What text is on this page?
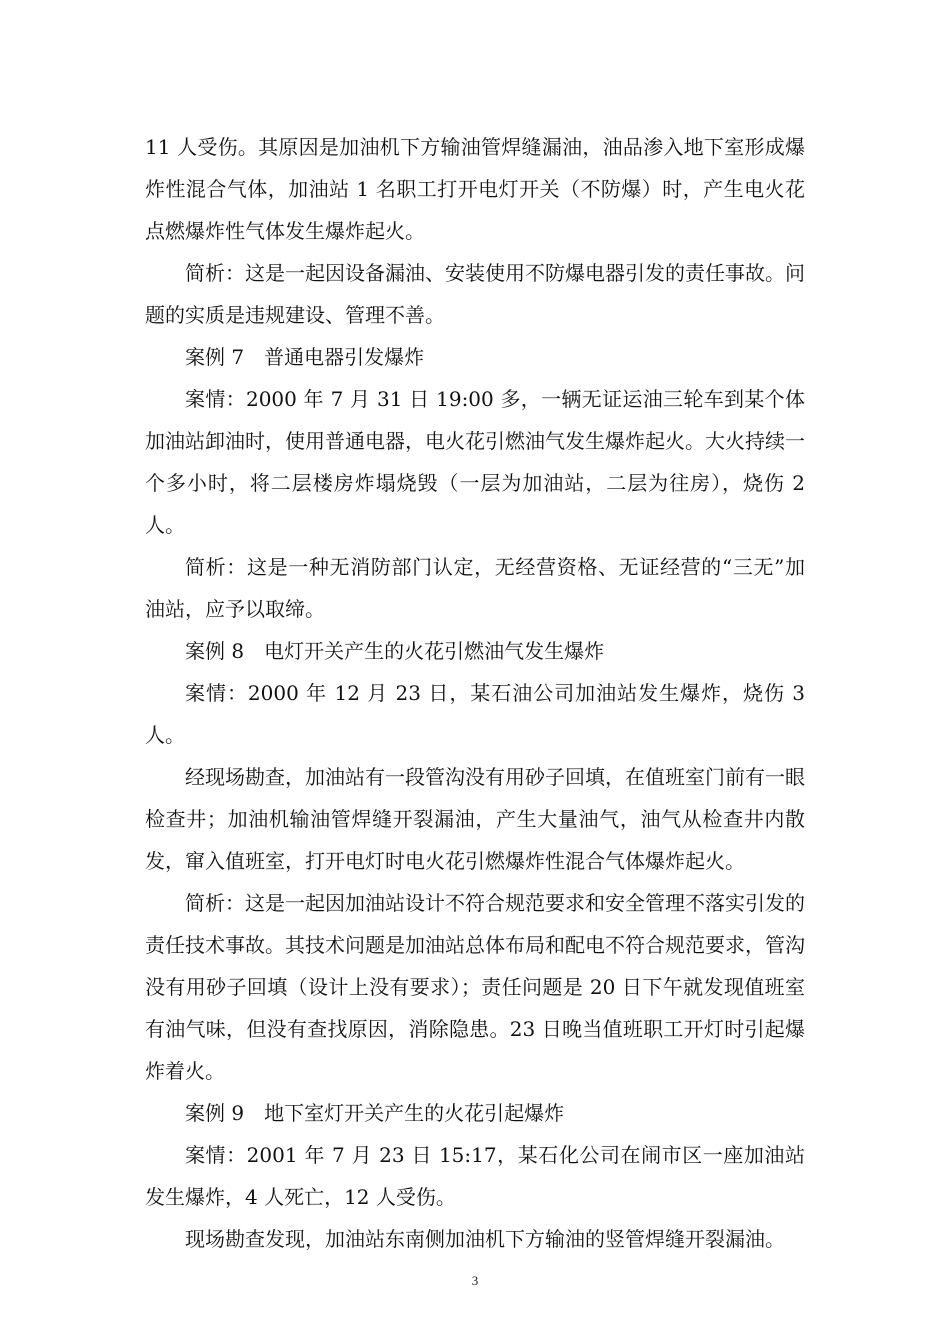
11 人受伤。其原因是加油机下方输油管焊缝漏油，油品渗入地下室形成爆炸性混合气体，加油站 1 名职工打开电灯开关（不防爆）时，产生电火花点燃爆炸性气体发生爆炸起火。

简析：这是一起因设备漏油、安装使用不防爆电器引发的责任事故。问题的实质是违规建设、管理不善。

案例 7　普通电器引发爆炸

案情：2000 年 7 月 31 日 19:00 多，一辆无证运油三轮车到某个体加油站卸油时，使用普通电器，电火花引燃油气发生爆炸起火。大火持续一个多小时，将二层楼房炸塌烧毁（一层为加油站，二层为往房），烧伤 2 人。

简析：这是一种无消防部门认定，无经营资格、无证经营的“三无”加油站，应予以取缔。

案例 8　电灯开关产生的火花引燃油气发生爆炸

案情：2000 年 12 月 23 日，某石油公司加油站发生爆炸，烧伤 3 人。

经现场勘查，加油站有一段管沟没有用砂子回填，在值班室门前有一眼检查井；加油机输油管焊缝开裂漏油，产生大量油气，油气从检查井内散发，窜入值班室，打开电灯时电火花引燃爆炸性混合气体爆炸起火。

简析：这是一起因加油站设计不符合规范要求和安全管理不落实引发的责任技术事故。其技术问题是加油站总体布局和配电不符合规范要求，管沟没有用砂子回填（设计上没有要求）；责任问题是 20 日下午就发现值班室有油气味，但没有查找原因，消除隐患。23 日晚当值班职工开灯时引起爆炸着火。

案例 9　地下室灯开关产生的火花引起爆炸

案情：2001 年 7 月 23 日 15:17，某石化公司在闹市区一座加油站发生爆炸，4 人死亡，12 人受伤。

现场勘查发现，加油站东南侧加油机下方输油的竖管焊缝开裂漏油。

3
